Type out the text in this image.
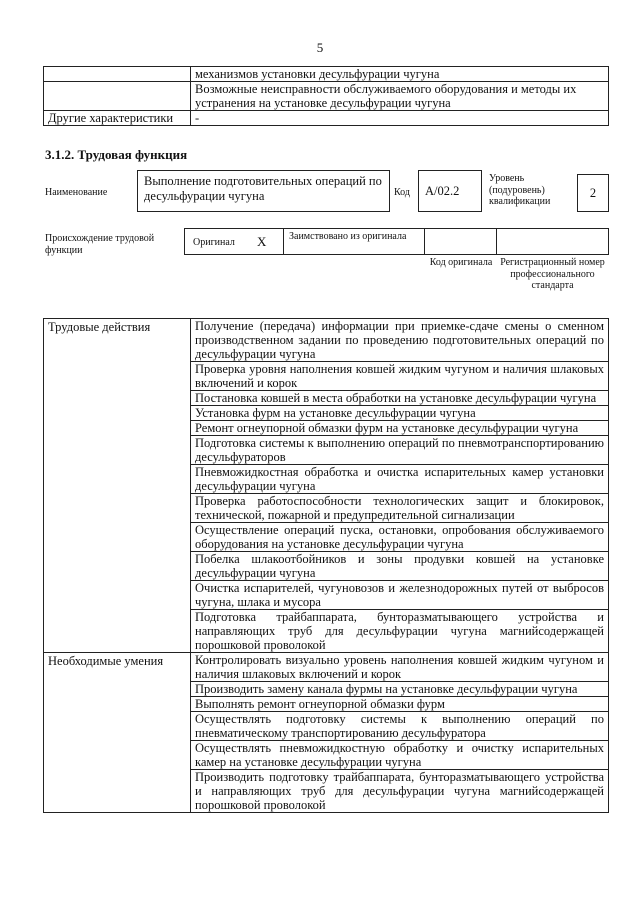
5
	механизмов установки десульфурации чугуна
	Возможные неисправности обслуживаемого оборудования и методы их устранения на установке десульфурации чугуна
Другие характеристики	-
3.1.2. Трудовая функция
Наименование
Выполнение подготовительных операций по десульфурации чугуна	Код	A/02.2
Уровень (подуровень) квалификации
2
Происхождение трудовой функции
Оригинал X Заимствовано из оригинала
Код оригинала Регистрационный номер профессионального стандарта
Трудовые действия	Получение (передача) информации при приемке-сдаче смены о сменном производственном задании по проведению подготовительных операций по десульфурации чугуна
	Проверка уровня наполнения ковшей жидким чугуном и наличия шлаковых включений и корок
	Постановка ковшей в места обработки на установке десульфурации чугуна
	Установка фурм на установке десульфурации чугуна
	Ремонт огнеупорной обмазки фурм на установке десульфурации чугуна
	Подготовка системы к выполнению операций по пневмотранспортированию десульфураторов
	Пневможидкостная обработка и очистка испарительных камер установки десульфурации чугуна
	Проверка работоспособности технологических защит и блокировок, технической, пожарной и предупредительной сигнализации
	Осуществление операций пуска, остановки, опробования обслуживаемого оборудования на установке десульфурации чугуна
	Побелка шлакоотбойников и зоны продувки ковшей на установке десульфурации чугуна
	Очистка испарителей, чугуновозов и железнодорожных путей от выбросов чугуна, шлака и мусора
	Подготовка трайбаппарата, бунторазматывающего устройства и направляющих труб для десульфурации чугуна магнийсодержащей порошковой проволокой
Необходимые умения	Контролировать визуально уровень наполнения ковшей жидким чугуном и наличия шлаковых включений и корок
	Производить замену канала фурмы на установке десульфурации чугуна
	Выполнять ремонт огнеупорной обмазки фурм
	Осуществлять подготовку системы к выполнению операций по пневматическому транспортированию десульфуратора
	Осуществлять пневможидкостную обработку и очистку испарительных камер на установке десульфурации чугуна
	Производить подготовку трайбаппарата, бунторазматывающего устройства и направляющих труб для десульфурации чугуна магнийсодержащей порошковой проволокой
